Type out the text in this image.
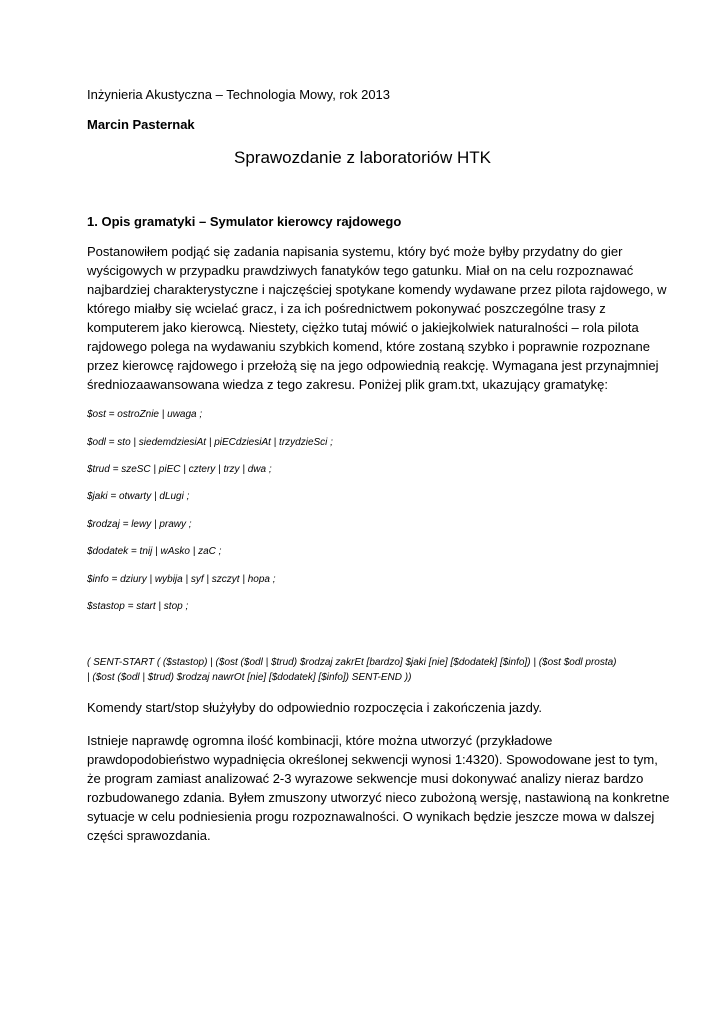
Inżynieria Akustyczna – Technologia Mowy, rok 2013
Marcin Pasternak
Sprawozdanie z laboratoriów HTK
1. Opis gramatyki – Symulator kierowcy rajdowego
Postanowiłem podjąć się zadania napisania systemu, który być może byłby przydatny do gier
wyścigowych w przypadku prawdziwych fanatyków tego gatunku. Miał on na celu rozpoznawać
najbardziej charakterystyczne i najczęściej spotykane komendy wydawane przez pilota rajdowego, w
którego miałby się wcielać gracz, i za ich pośrednictwem pokonywać poszczególne trasy z
komputerem jako kierowcą. Niestety, ciężko tutaj mówić o jakiejkolwiek naturalności – rola pilota
rajdowego polega na wydawaniu szybkich komend, które zostaną szybko i poprawnie rozpoznane
przez kierowcę rajdowego i przełożą się na jego odpowiednią reakcję. Wymagana jest przynajmniej
średniozaawansowana wiedza z tego zakresu. Poniżej plik gram.txt, ukazujący gramatykę:
$ost = ostroZnie | uwaga ;
$odl = sto | siedemdziesiAt | piECdziesiAt | trzydzieSci ;
$trud = szeSC | piEC | cztery | trzy | dwa ;
$jaki = otwarty | dLugi ;
$rodzaj = lewy | prawy ;
$dodatek = tnij | wAsko | zaC ;
$info = dziury | wybija | syf | szczyt | hopa ;
$stastop = start | stop ;
( SENT-START ( ($stastop) | ($ost ($odl | $trud) $rodzaj zakrEt [bardzo] $jaki [nie] [$dodatek] [$info]) | ($ost $odl prosta)
| ($ost ($odl | $trud) $rodzaj nawrOt [nie] [$dodatek] [$info]) SENT-END ))
Komendy start/stop służyłyby do odpowiednio rozpoczęcia i zakończenia jazdy.
Istnieje naprawdę ogromna ilość kombinacji, które można utworzyć (przykładowe
prawdopodobieństwo wypadnięcia określonej sekwencji wynosi 1:4320). Spowodowane jest to tym,
że program zamiast analizować 2-3 wyrazowe sekwencje musi dokonywać analizy nieraz bardzo
rozbudowanego zdania. Byłem zmuszony utworzyć nieco zubożoną wersję, nastawioną na konkretne
sytuacje w celu podniesienia progu rozpoznawalności. O wynikach będzie jeszcze mowa w dalszej
części sprawozdania.
